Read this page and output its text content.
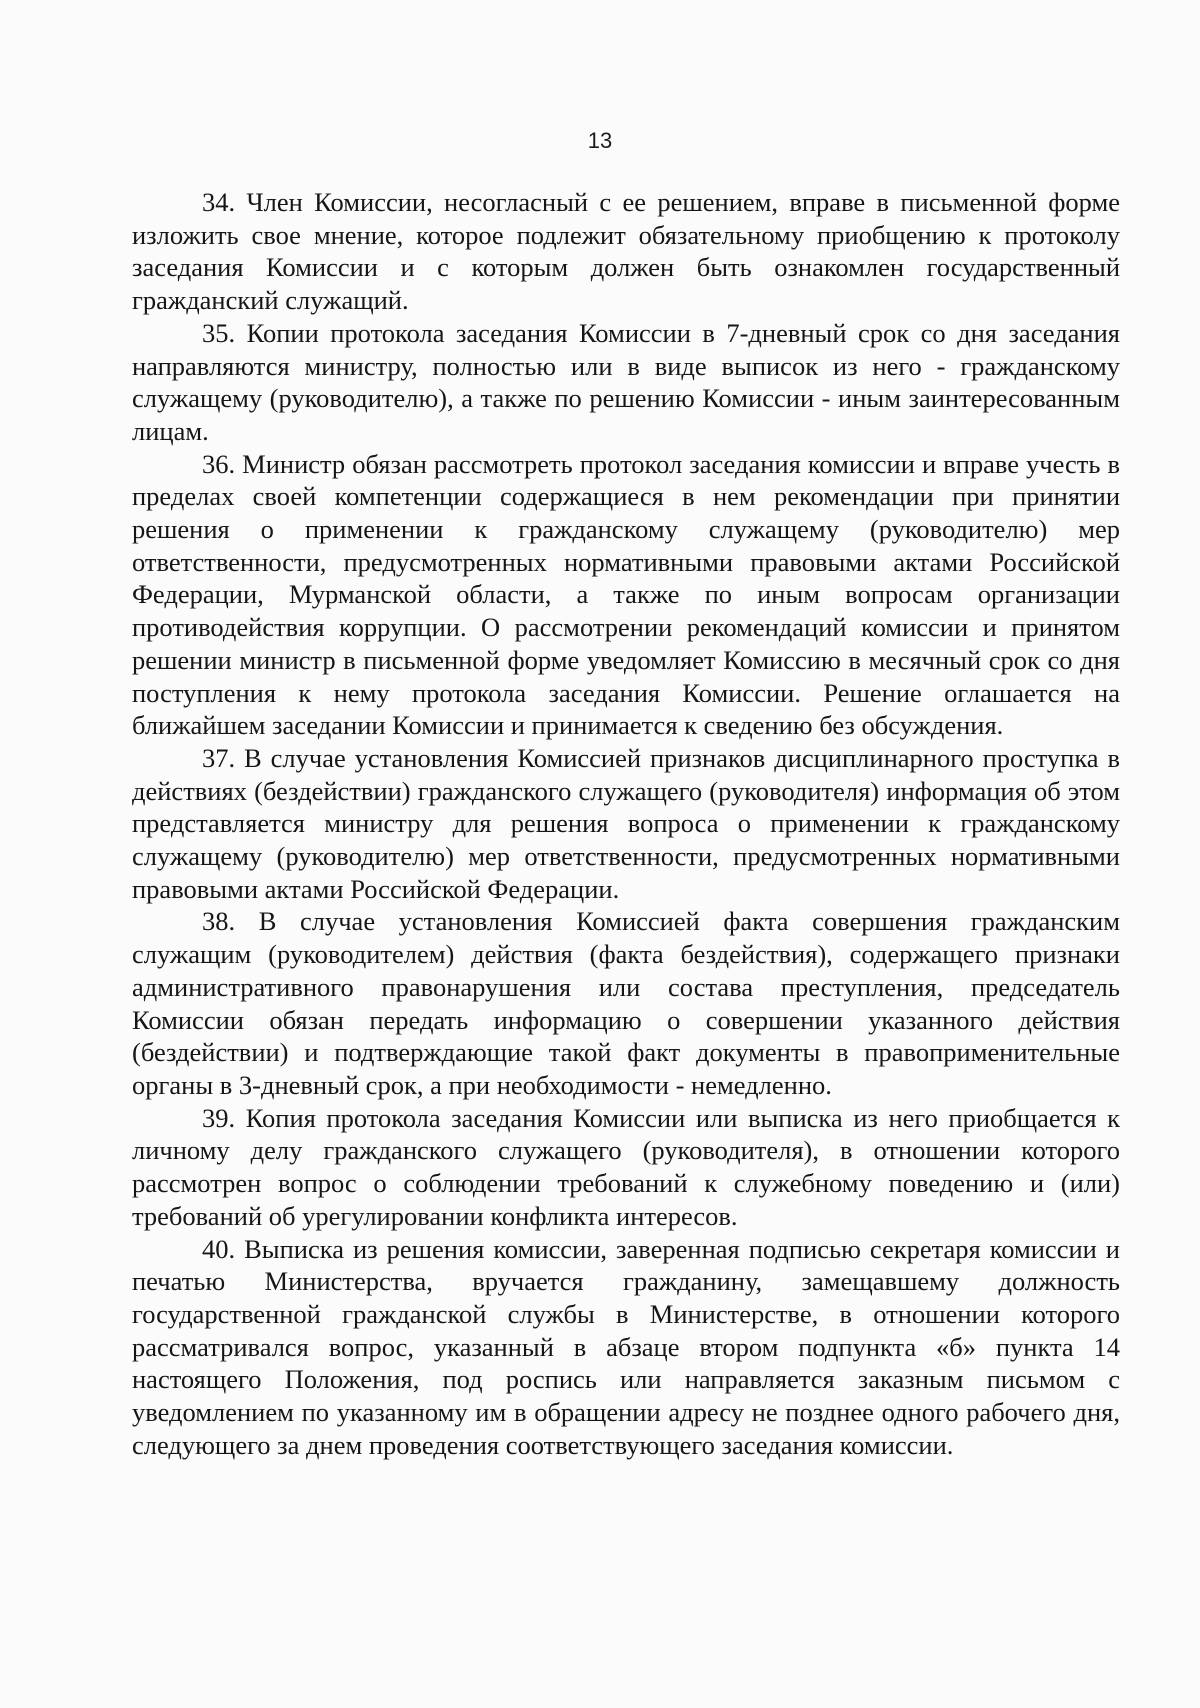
13

34. Член Комиссии, несогласный с ее решением, вправе в письменной форме изложить свое мнение, которое подлежит обязательному приобщению к протоколу заседания Комиссии и с которым должен быть ознакомлен государственный гражданский служащий.

35. Копии протокола заседания Комиссии в 7-дневный срок со дня заседания направляются министру, полностью или в виде выписок из него - гражданскому служащему (руководителю), а также по решению Комиссии - иным заинтересованным лицам.

36. Министр обязан рассмотреть протокол заседания комиссии и вправе учесть в пределах своей компетенции содержащиеся в нем рекомендации при принятии решения о применении к гражданскому служащему (руководителю) мер ответственности, предусмотренных нормативными правовыми актами Российской Федерации, Мурманской области, а также по иным вопросам организации противодействия коррупции. О рассмотрении рекомендаций комиссии и принятом решении министр в письменной форме уведомляет Комиссию в месячный срок со дня поступления к нему протокола заседания Комиссии. Решение оглашается на ближайшем заседании Комиссии и принимается к сведению без обсуждения.

37. В случае установления Комиссией признаков дисциплинарного проступка в действиях (бездействии) гражданского служащего (руководителя) информация об этом представляется министру для решения вопроса о применении к гражданскому служащему (руководителю) мер ответственности, предусмотренных нормативными правовыми актами Российской Федерации.

38. В случае установления Комиссией факта совершения гражданским служащим (руководителем) действия (факта бездействия), содержащего признаки административного правонарушения или состава преступления, председатель Комиссии обязан передать информацию о совершении указанного действия (бездействии) и подтверждающие такой факт документы в правоприменительные органы в 3-дневный срок, а при необходимости - немедленно.

39. Копия протокола заседания Комиссии или выписка из него приобщается к личному делу гражданского служащего (руководителя), в отношении которого рассмотрен вопрос о соблюдении требований к служебному поведению и (или) требований об урегулировании конфликта интересов.

40. Выписка из решения комиссии, заверенная подписью секретаря комиссии и печатью Министерства, вручается гражданину, замещавшему должность государственной гражданской службы в Министерстве, в отношении которого рассматривался вопрос, указанный в абзаце втором подпункта «б» пункта 14 настоящего Положения, под роспись или направляется заказным письмом с уведомлением по указанному им в обращении адресу не позднее одного рабочего дня, следующего за днем проведения соответствующего заседания комиссии.
